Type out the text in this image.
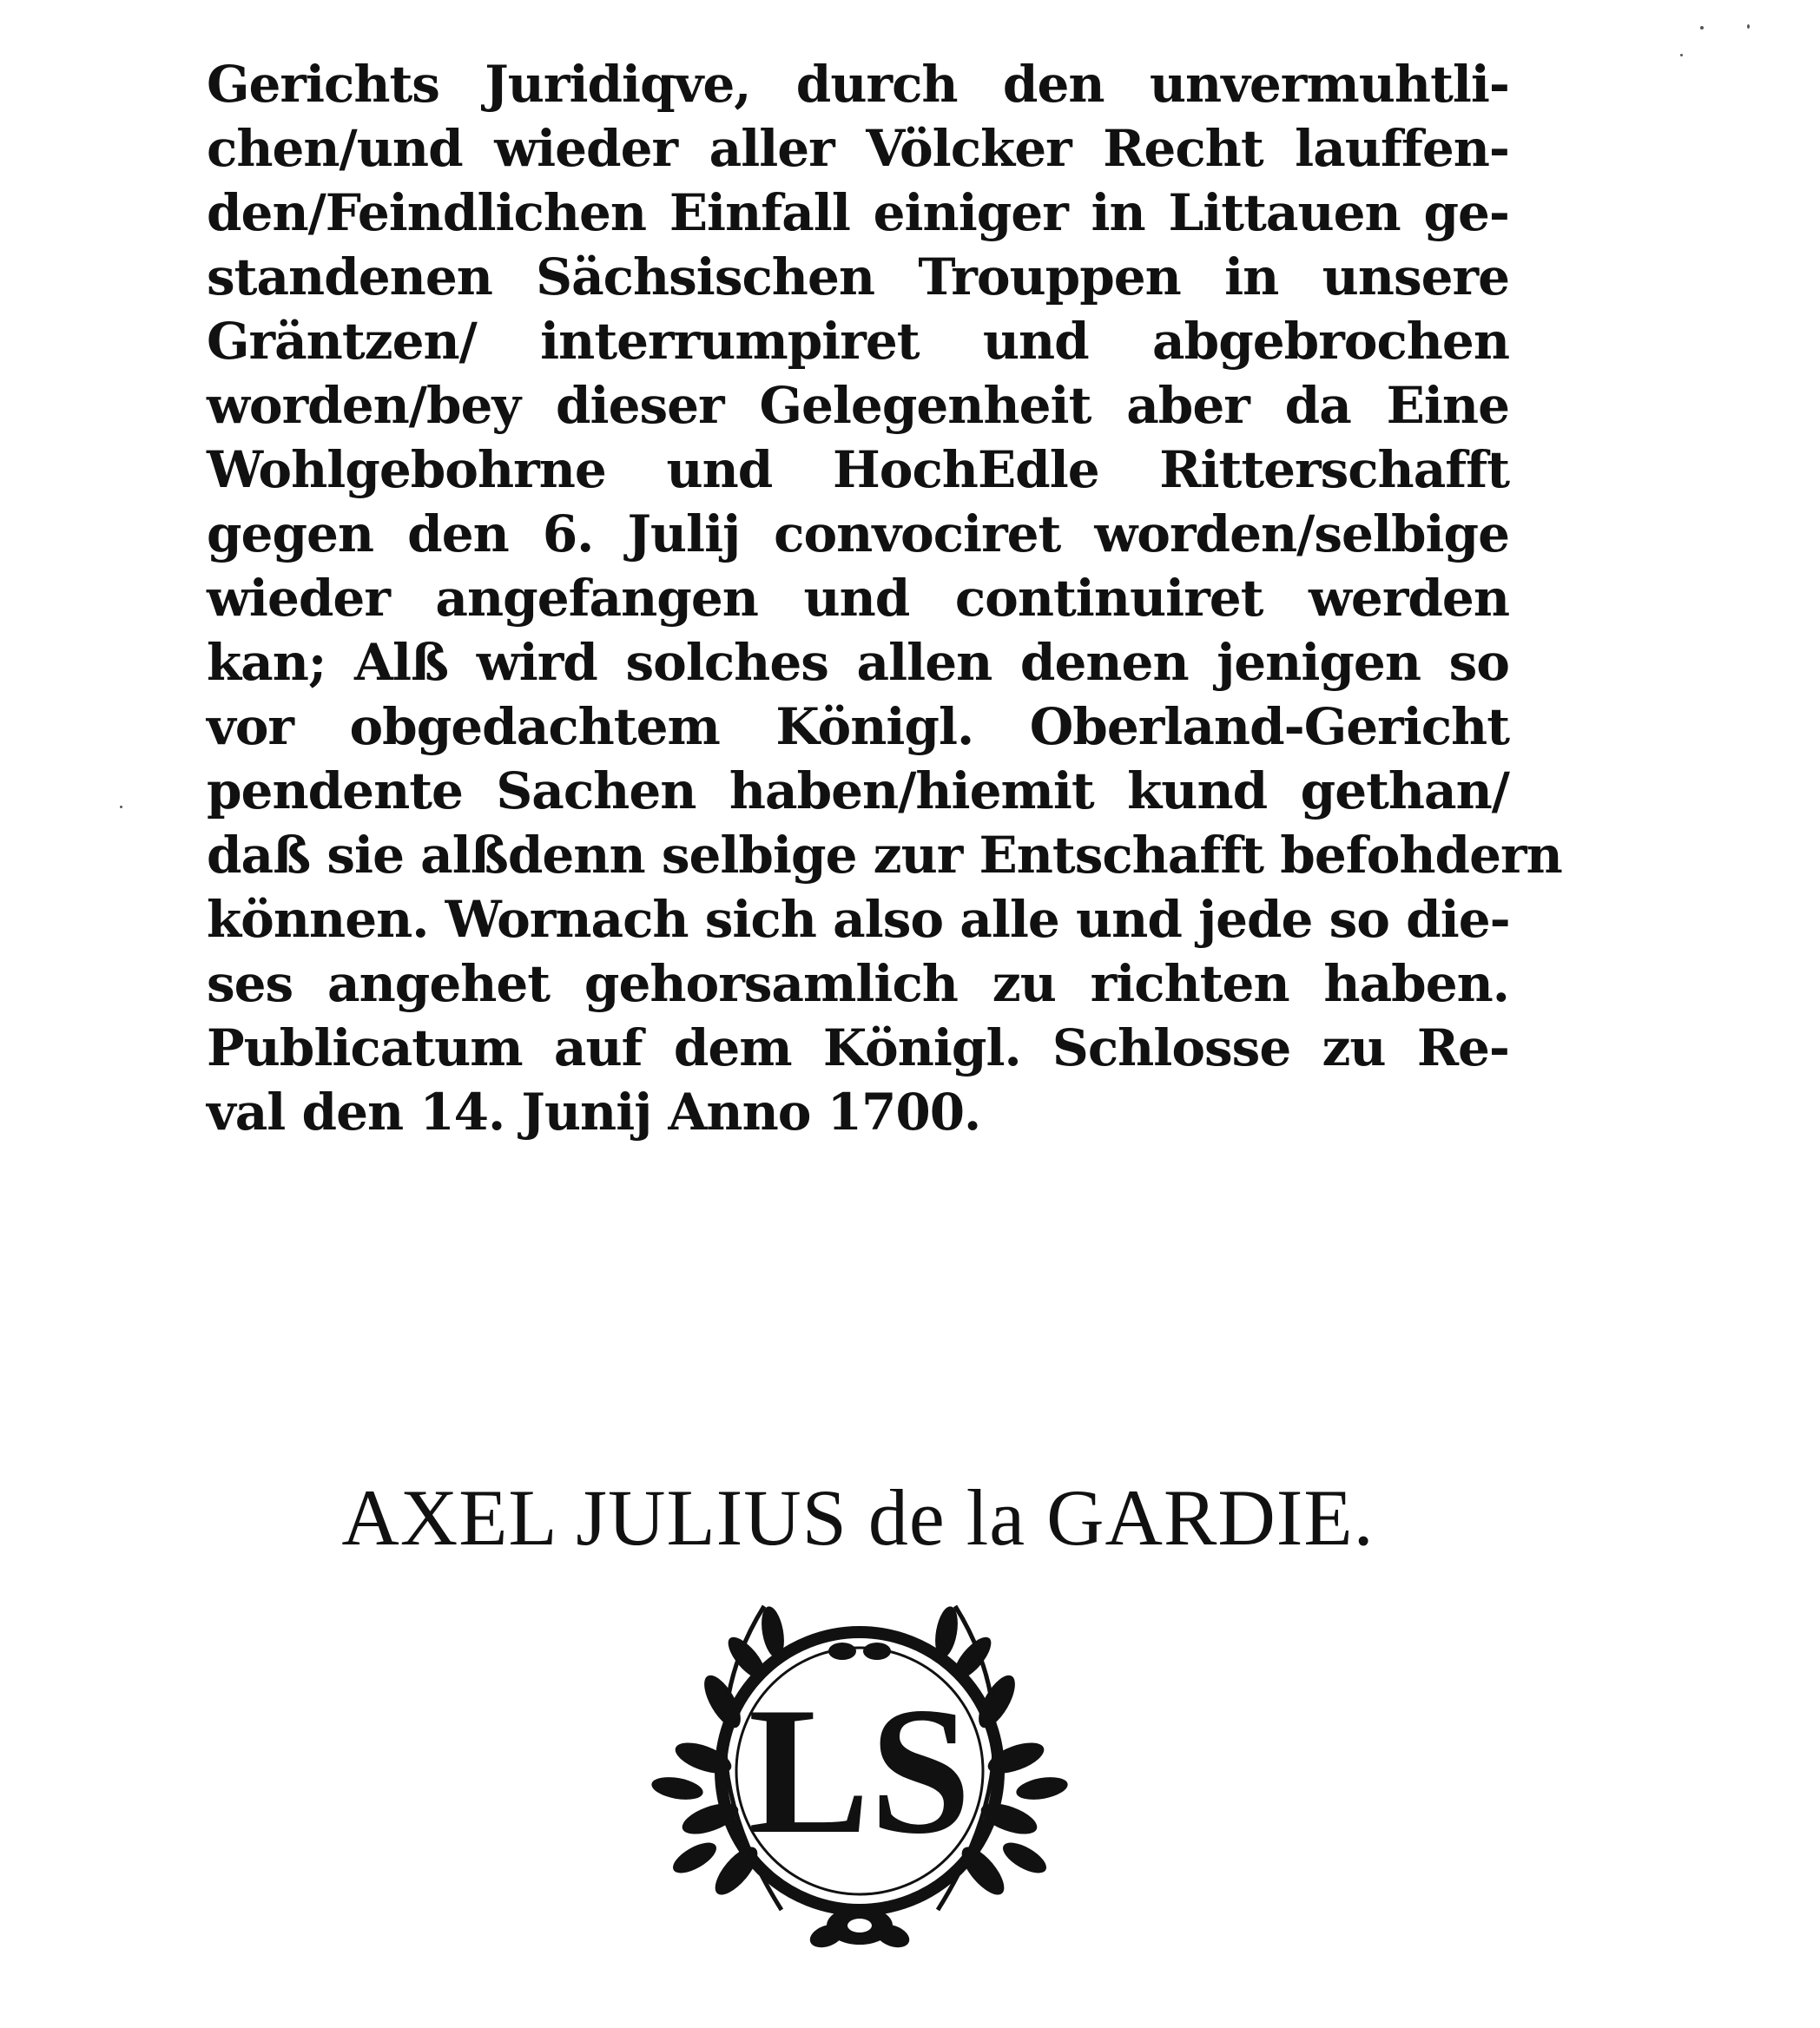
Gerichts Juridiqve, durch den unvermuhtli-
chen/und wieder aller Völcker Recht lauffen-
den/Feindlichen Einfall einiger in Littauen ge-
standenen Sächsischen Trouppen in unsere
Gräntzen/ interrumpiret und abgebrochen
worden/bey dieser Gelegenheit aber da Eine
Wohlgebohrne und HochEdle Ritterschafft
gegen den 6. Julij convociret worden/selbige
wieder angefangen und continuiret werden
kan; Alß wird solches allen denen jenigen so
vor obgedachtem Königl. Oberland-Gericht
pendente Sachen haben/hiemit kund gethan/
daß sie alßdenn selbige zur Entschafft befohdern
können. Wornach sich also alle und jede so die-
ses angehet gehorsamlich zu richten haben.
Publicatum auf dem Königl. Schlosse zu Re-
val den 14. Junij Anno 1700.
AXEL JULIUS de la GARDIE.
LS
